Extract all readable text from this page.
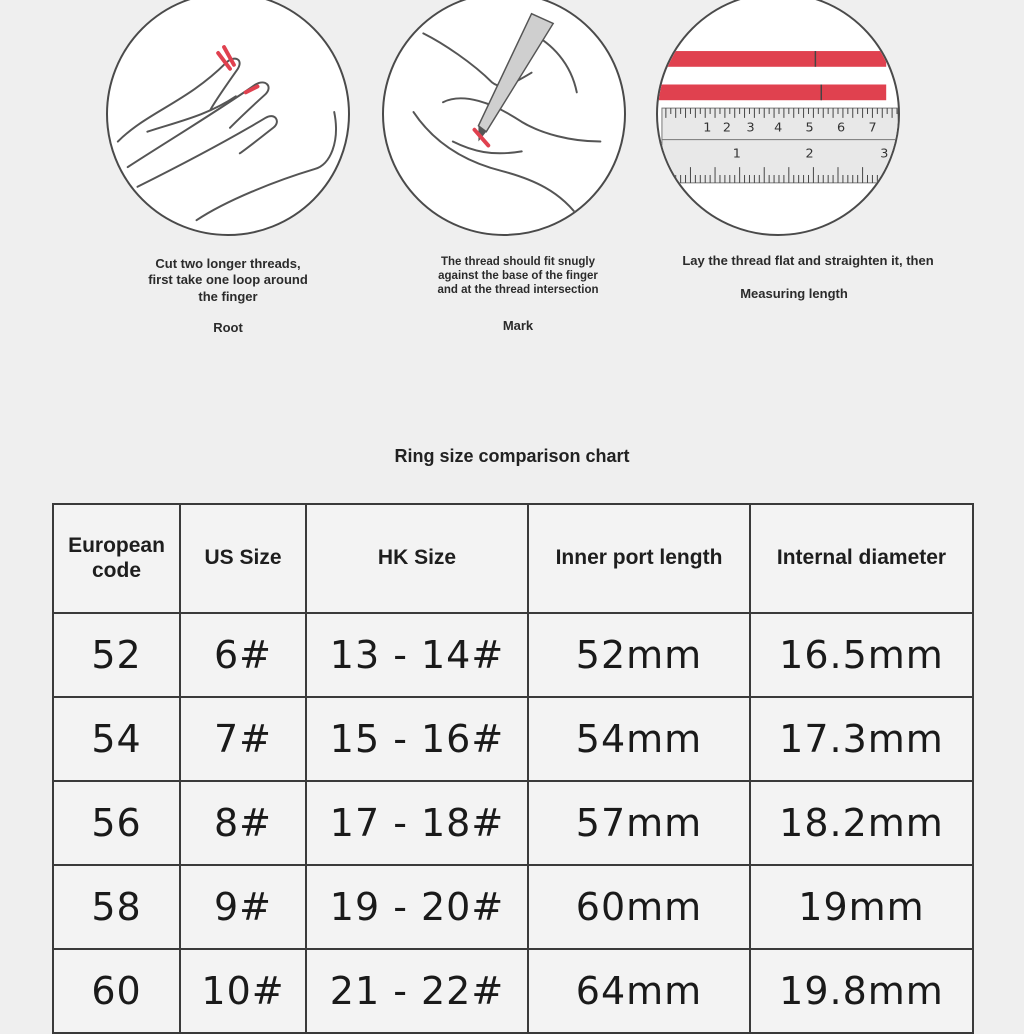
1 2 3 4 5 6 7
1	2	3
Cut two longer threads,
first take one loop around
the finger
Root
The thread should fit snugly
against the base of the finger
and at the thread intersection
Mark
Lay the thread flat and straighten it, then
Measuring length
Ring size comparison chart
European code	US Size	HK Size	Inner port length	Internal diameter
52	6#	13 - 14#	52mm	16.5mm
54	7#	15 - 16#	54mm	17.3mm
56	8#	17 - 18#	57mm	18.2mm
58	9#	19 - 20#	60mm	19mm
60	10#	21 - 22#	64mm	19.8mm
